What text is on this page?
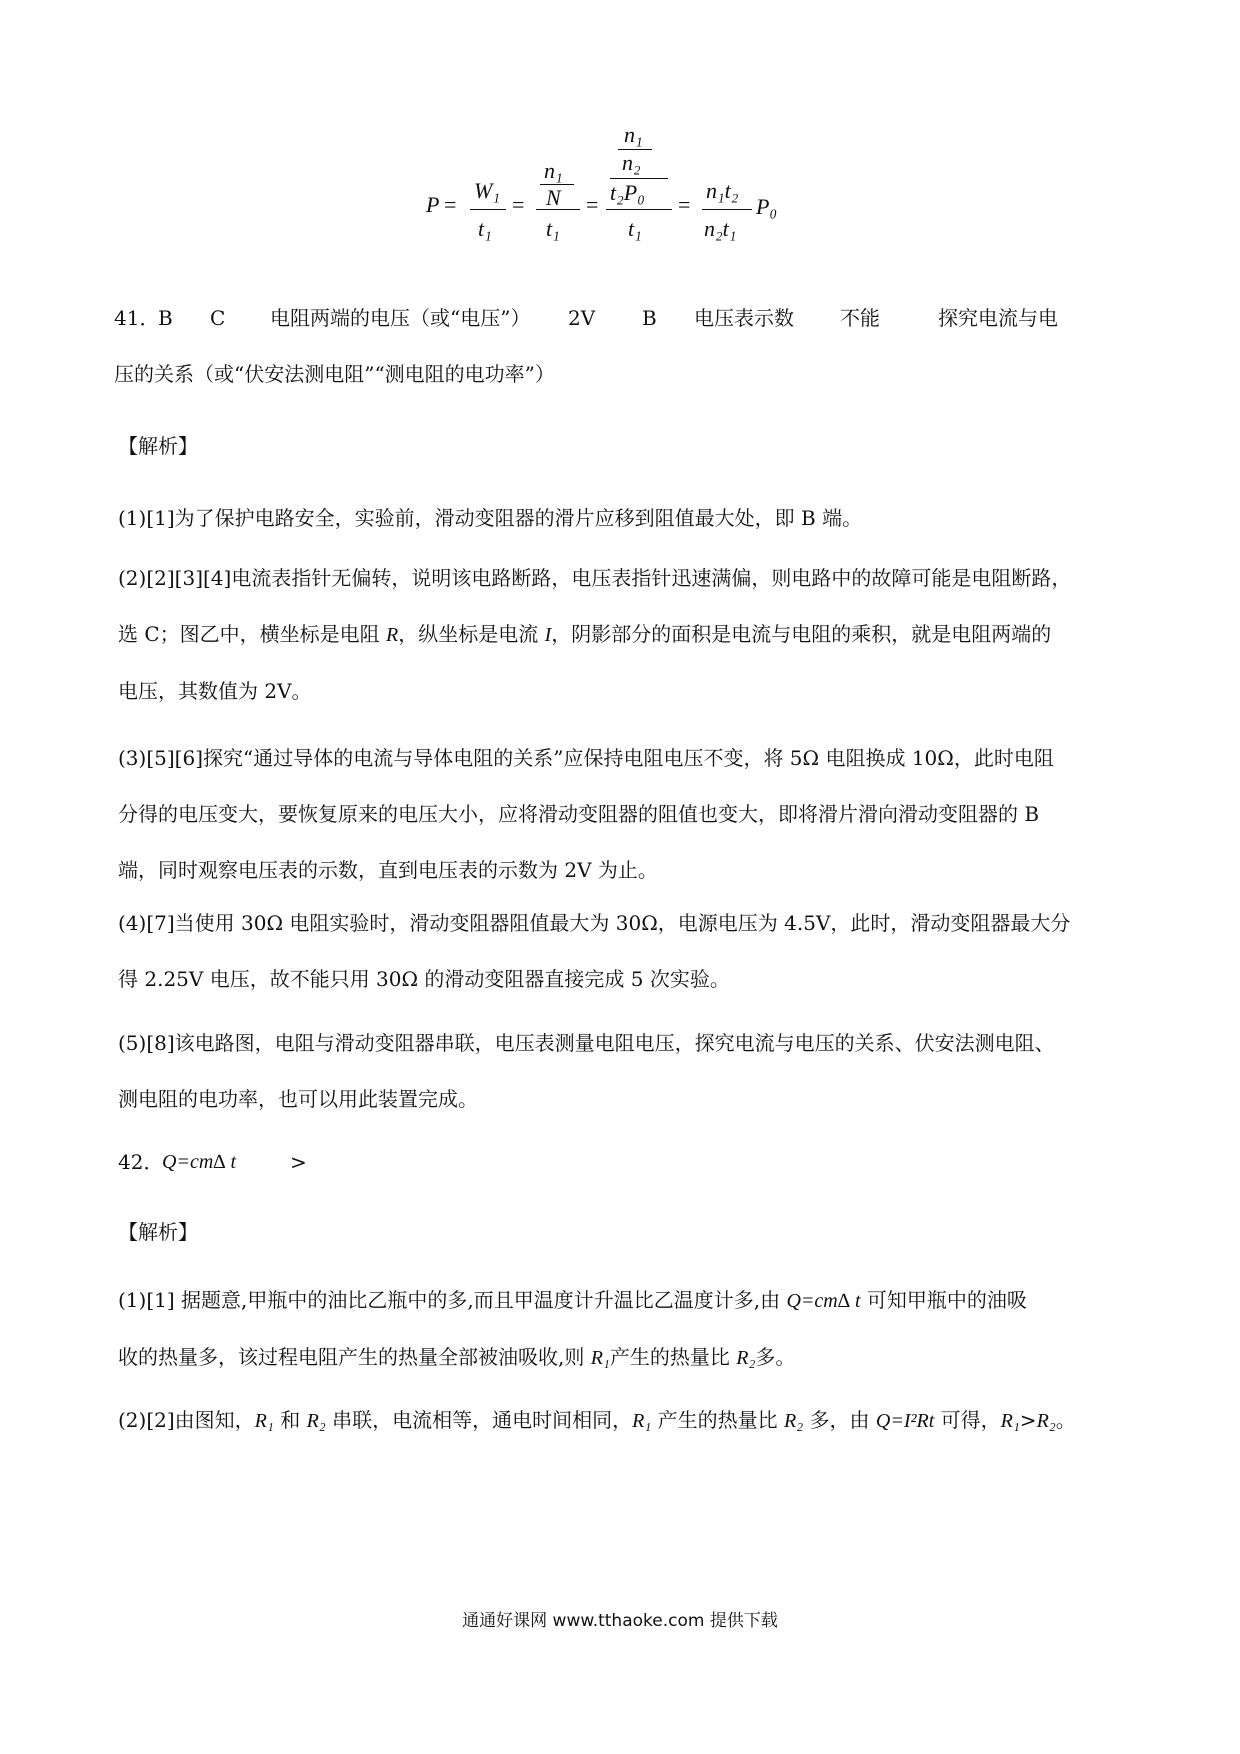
P =
W₁
t₁
=
n₁
N
t₁
=
n₁
n₂
t₂P₀
t₁
=
n₁t₂
n₂t₁
P₀

41．
B C 电阻两端的电压（或“电压”） 2V B 电压表示数 不能	探究电流与电

压的关系（或“伏安法测电阻”“测电阻的电功率”）

【解析】

(1)[1]为了保护电路安全，实验前，滑动变阻器的滑片应移到阻值最大处，即 B 端。

(2)[2][3][4]电流表指针无偏转，说明该电路断路，电压表指针迅速满偏，则电路中的故障可能是电阻断路，

选 C；图乙中，横坐标是电阻 R，纵坐标是电流 I，阴影部分的面积是电流与电阻的乘积，就是电阻两端的

电压，其数值为 2V。

(3)[5][6]探究“通过导体的电流与导体电阻的关系”应保持电阻电压不变，将 5Ω 电阻换成 10Ω，此时电阻

分得的电压变大，要恢复原来的电压大小，应将滑动变阻器的阻值也变大，即将滑片滑向滑动变阻器的 B

端，同时观察电压表的示数，直到电压表的示数为 2V 为止。

(4)[7]当使用 30Ω 电阻实验时，滑动变阻器阻值最大为 30Ω，电源电压为 4.5V，此时，滑动变阻器最大分

得 2.25V 电压，故不能只用 30Ω 的滑动变阻器直接完成 5 次实验。

(5)[8]该电路图，电阻与滑动变阻器串联，电压表测量电阻电压，探究电流与电压的关系、伏安法测电阻、

测电阻的电功率，也可以用此装置完成。

42．
Q=cm∆ t	>

【解析】

(1)[1] 据题意,甲瓶中的油比乙瓶中的多,而且甲温度计升温比乙温度计多,由 Q=cm∆ t 可知甲瓶中的油吸

收的热量多，该过程电阻产生的热量全部被油吸收,则 R₁产生的热量比 R₂多。

(2)[2]由图知，R₁ 和 R₂ 串联，电流相等，通电时间相同，R₁ 产生的热量比 R₂ 多，由 Q=I²Rt 可得，R₁>R₂。

通通好课网 www.tthaoke.com 提供下载
